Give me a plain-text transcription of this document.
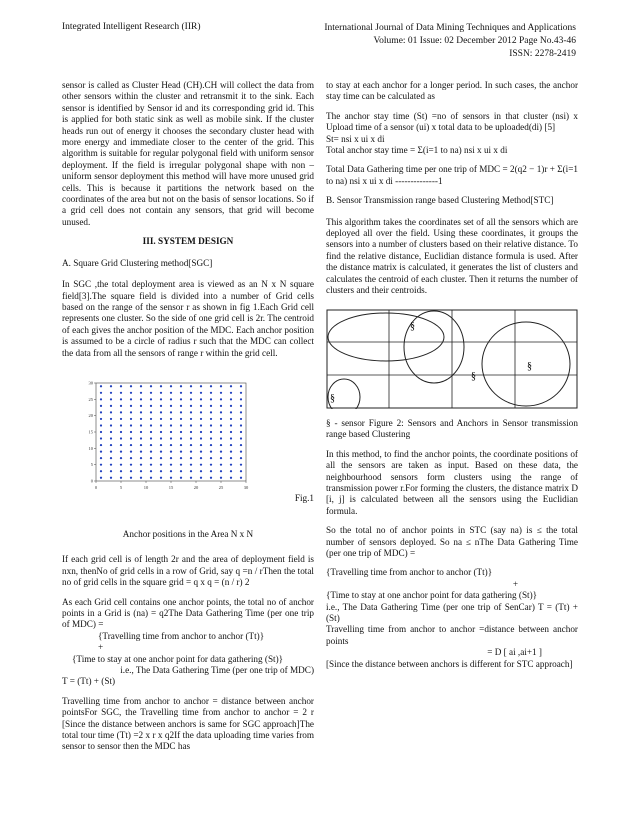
Integrated Intelligent Research (IIR)	International Journal of Data Mining Techniques and Applications
Volume: 01 Issue: 02 December 2012 Page No.43-46
ISSN: 2278-2419

sensor is called as Cluster Head (CH).CH will collect the data from other sensors within the cluster and retransmit it to the sink. Each sensor is identified by Sensor id and its corresponding grid id. This is applied for both static sink as well as mobile sink. If the cluster heads run out of energy it chooses the secondary cluster head with more energy and immediate closer to the center of the grid. This algorithm is suitable for regular polygonal field with uniform sensor deployment. If the field is irregular polygonal shape with non – uniform sensor deployment this method will have more unused grid cells. This is because it partitions the network based on the coordinates of the area but not on the basis of sensor locations. So if a grid cell does not contain any sensors, that grid will become unused.

III. SYSTEM DESIGN
A. Square Grid Clustering method[SGC]

In SGC ,the total deployment area is viewed as an N x N square field[3].The square field is divided into a number of Grid cells based on the range of the sensor r as shown in fig 1.Each Grid cell represents one cluster. So the side of one grid cell is 2r. The centroid of each gives the anchor position of the MDC. Each anchor position is assumed to be a circle of radius r such that the MDC can collect the data from all the sensors of range r within the grid cell.

0	5	10	15	20	25	30
0
5
10
15
20
25
30
Fig.1
Anchor positions in the Area N x N

If each grid cell is of length 2r and the area of deployment field is nxn, thenNo of grid cells in a row of Grid, say q =n / rThen the total no of grid cells in the square grid = q x q = (n / r) 2

As each Grid cell contains one anchor points, the total no of anchor points in a Grid is (na) = q2The Data Gathering Time (per one trip of MDC) =
{Travelling time from anchor to anchor (Tt)}
+
{Time to stay at one anchor point for data gathering (St)}
i.e., The Data Gathering Time (per one trip of MDC)

T = (Tt) + (St)

Travelling time from anchor to anchor = distance between anchor pointsFor SGC, the Travelling time from anchor to anchor = 2 r [Since the distance between anchors is same for SGC approach]The total tour time (Tt) =2 x r x q2If the data uploading time varies from sensor to sensor then the MDC has

to stay at each anchor for a longer period. In such cases, the anchor stay time can be calculated as

The anchor stay time (St) =no of sensors in that cluster (nsi) x Upload time of a sensor (ui) x total data to be uploaded(di) [5]
St= nsi x ui x di

Total anchor stay time = Σ(i=1 to na) nsi x ui x di

Total Data Gathering time per one trip of MDC = 2(q2 − 1)r + Σ(i=1 to na) nsi x ui x di --------------1

B. Sensor Transmission range based Clustering Method[STC]

This algorithm takes the coordinates set of all the sensors which are deployed all over the field. Using these coordinates, it groups the sensors into a number of clusters based on their relative distance. To find the relative distance, Euclidian distance formula is used. After the distance matrix is calculated, it generates the list of clusters and calculates the centroid of each cluster. Then it returns the number of clusters and their centroids.

§
§
§
§

§ - sensor Figure 2: Sensors and Anchors in Sensor transmission range based Clustering

In this method, to find the anchor points, the coordinate positions of all the sensors are taken as input. Based on these data, the neighbourhood sensors form clusters using the range of transmission power r.For forming the clusters, the distance matrix D [i, j] is calculated between all the sensors using the Euclidian formula.

So the total no of anchor points in STC (say na) is ≤ the total number of sensors deployed. So na ≤ nThe Data Gathering Time (per one trip of MDC) =

{Travelling time from anchor to anchor (Tt)}
+
{Time to stay at one anchor point for data gathering (St)}
i.e., The Data Gathering Time (per one trip of SenCar) T = (Tt) + (St)
Travelling time from anchor to anchor =distance between anchor points
= D [ ai ,ai+1 ]
[Since the distance between anchors is different for STC approach]
